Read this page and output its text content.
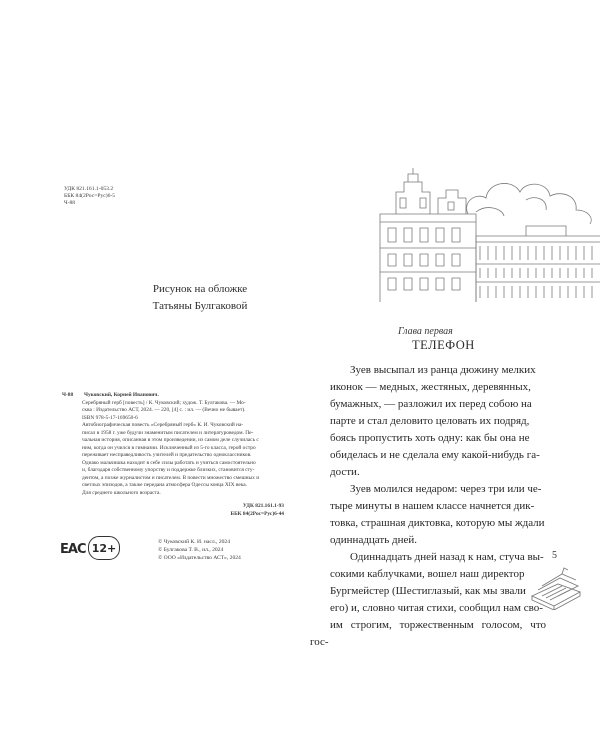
УДК 821.161.1-053.2
ББК 84(2Рос=Рус)6-5
Ч-88
Рисунок на обложке
Татьяны Булгаковой
Ч-88 Чуковский, Корней Иванович.
Серебряный герб [повесть] / К. Чуковский; худож. Т. Булгакова. — Мо-
сква : Издательство АСТ, 2024. — 220, [4] с. : ил. — (Вечно не бывает).
ISBN 978-5-17-169650-6
Автобиографическая повесть «Серебряный герб» К. И. Чуковский на-
писал в 1958 г. уже будучи знаменитым писателем и литературоведом. Пе-
чальная история, описанная в этом произведении, из самом деле случилась с
ним, когда он учился в гимназии. Исключенный из 5-го класса, герой остро
переживает несправедливость учителей и предательство одноклассников.
Однако мальчишка находит в себе силы работать и учиться самостоятельно
и, благодаря собственному упорству и поддержке близких, становится сту-
дентом, а позже журналистом и писателем. В повести множество смешных и
светлых эпизодов, а также передана атмосфера Одессы конца XIX века.
Для среднего школьного возраста.
УДК 821.161.1-93
ББК 84(2Рос=Рус)6-44
ЕАС 12+	© Чуковский К. И. насл., 2024
© Булгакова Т. В., ил., 2024
© ООО «Издательство АСТ», 2024
Глава первая
ТЕЛЕФОН

Зуев высыпал из ранца дюжину мелких
иконок — медных, жестяных, деревянных,
бумажных, — разложил их перед собою на
парте и стал деловито целовать их подряд,
боясь пропустить хоть одну: как бы она не
обиделась и не сделала ему какой-нибудь га-
дости.

Зуев молился недаром: через три или че-
тыре минуты в нашем классе начнется дик-
товка, страшная диктовка, которую мы ждали
одиннадцать дней.

Одиннадцать дней назад к нам, стуча вы-
сокими каблучками, вошел наш директор
Бургмейстер (Шестиглазый, как мы звали
его) и, словно читая стихи, сообщил нам сво-
им строгим, торжественным голосом, что гос-

5
